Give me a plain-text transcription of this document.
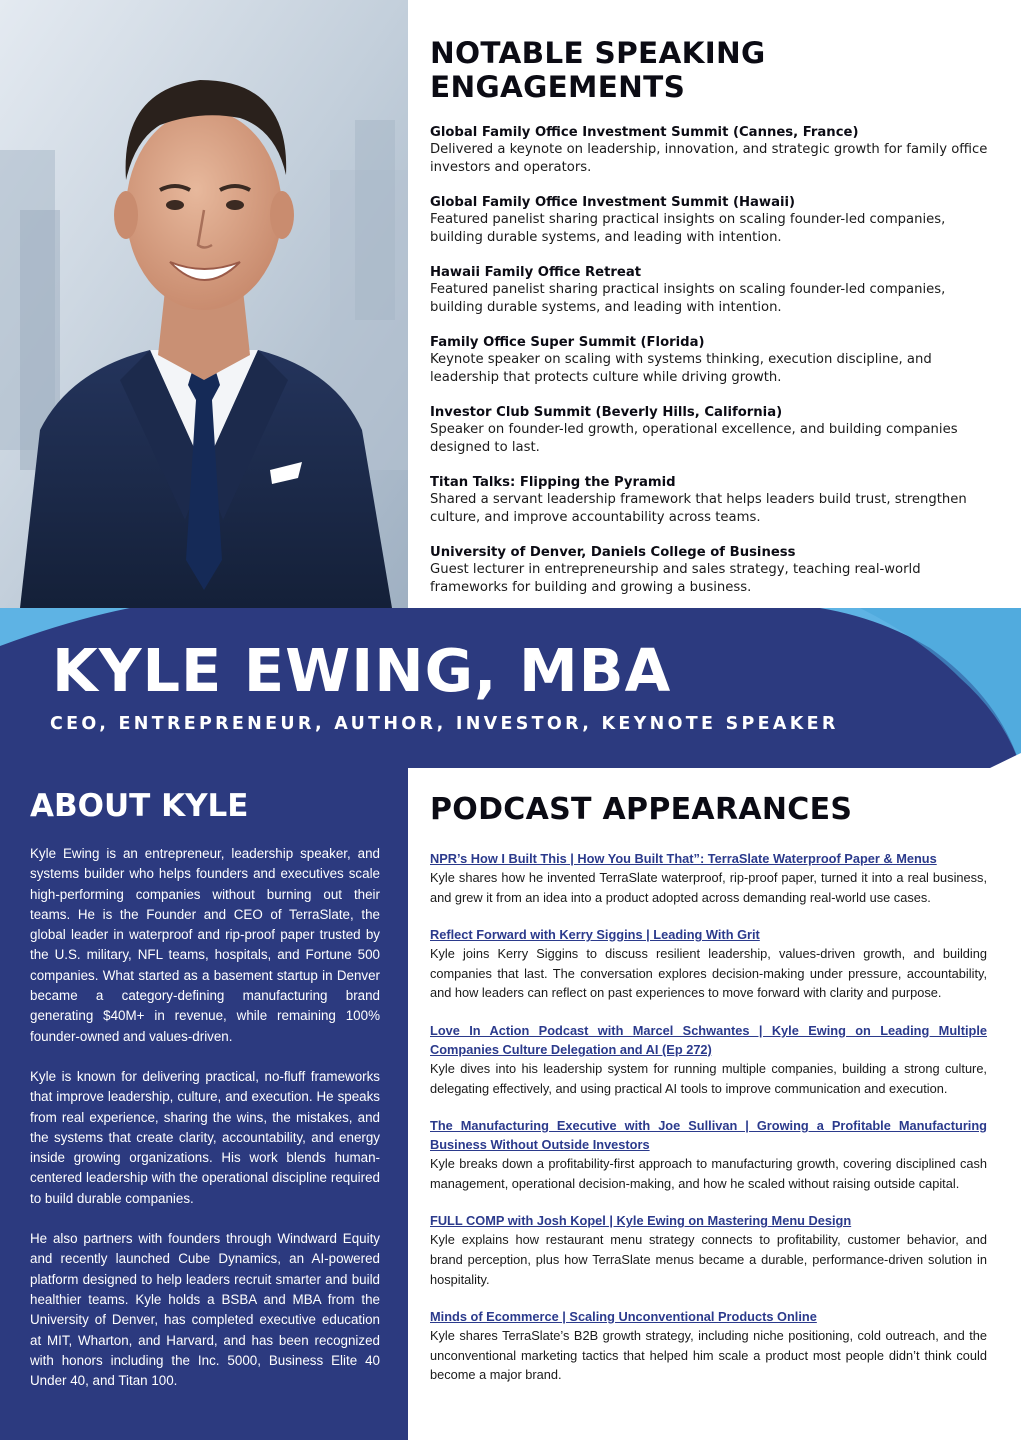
NOTABLE SPEAKING ENGAGEMENTS
Global Family Office Investment Summit (Cannes, France)
Delivered a keynote on leadership, innovation, and strategic growth for family office investors and operators.
Global Family Office Investment Summit (Hawaii)
Featured panelist sharing practical insights on scaling founder-led companies, building durable systems, and leading with intention.
Hawaii Family Office Retreat
Featured panelist sharing practical insights on scaling founder-led companies, building durable systems, and leading with intention.
Family Office Super Summit (Florida)
Keynote speaker on scaling with systems thinking, execution discipline, and leadership that protects culture while driving growth.
Investor Club Summit (Beverly Hills, California)
Speaker on founder-led growth, operational excellence, and building companies designed to last.
Titan Talks: Flipping the Pyramid
Shared a servant leadership framework that helps leaders build trust, strengthen culture, and improve accountability across teams.
University of Denver, Daniels College of Business
Guest lecturer in entrepreneurship and sales strategy, teaching real-world frameworks for building and growing a business.
KYLE EWING, MBA
CEO, ENTREPRENEUR, AUTHOR, INVESTOR, KEYNOTE SPEAKER
ABOUT KYLE

Kyle Ewing is an entrepreneur, leadership speaker, and systems builder who helps founders and executives scale high-performing companies without burning out their teams. He is the Founder and CEO of TerraSlate, the global leader in waterproof and rip-proof paper trusted by the U.S. military, NFL teams, hospitals, and Fortune 500 companies. What started as a basement startup in Denver became a category-defining manufacturing brand generating $40M+ in revenue, while remaining 100% founder-owned and values-driven.

Kyle is known for delivering practical, no-fluff frameworks that improve leadership, culture, and execution. He speaks from real experience, sharing the wins, the mistakes, and the systems that create clarity, accountability, and energy inside growing organizations. His work blends human-centered leadership with the operational discipline required to build durable companies.

He also partners with founders through Windward Equity and recently launched Cube Dynamics, an AI-powered platform designed to help leaders recruit smarter and build healthier teams. Kyle holds a BSBA and MBA from the University of Denver, has completed executive education at MIT, Wharton, and Harvard, and has been recognized with honors including the Inc. 5000, Business Elite 40 Under 40, and Titan 100.

PODCAST APPEARANCES
NPR’s How I Built This | How You Built That”: TerraSlate Waterproof Paper & Menus
Kyle shares how he invented TerraSlate waterproof, rip-proof paper, turned it into a real business, and grew it from an idea into a product adopted across demanding real-world use cases.
Reflect Forward with Kerry Siggins | Leading With Grit
Kyle joins Kerry Siggins to discuss resilient leadership, values-driven growth, and building companies that last. The conversation explores decision-making under pressure, accountability, and how leaders can reflect on past experiences to move forward with clarity and purpose.
Love In Action Podcast with Marcel Schwantes | Kyle Ewing on Leading Multiple Companies Culture Delegation and AI (Ep 272)
Kyle dives into his leadership system for running multiple companies, building a strong culture, delegating effectively, and using practical AI tools to improve communication and execution.
The Manufacturing Executive with Joe Sullivan | Growing a Profitable Manufacturing Business Without Outside Investors
Kyle breaks down a profitability-first approach to manufacturing growth, covering disciplined cash management, operational decision-making, and how he scaled without raising outside capital.
FULL COMP with Josh Kopel | Kyle Ewing on Mastering Menu Design
Kyle explains how restaurant menu strategy connects to profitability, customer behavior, and brand perception, plus how TerraSlate menus became a durable, performance-driven solution in hospitality.
Minds of Ecommerce | Scaling Unconventional Products Online
Kyle shares TerraSlate’s B2B growth strategy, including niche positioning, cold outreach, and the unconventional marketing tactics that helped him scale a product most people didn’t think could become a major brand.
